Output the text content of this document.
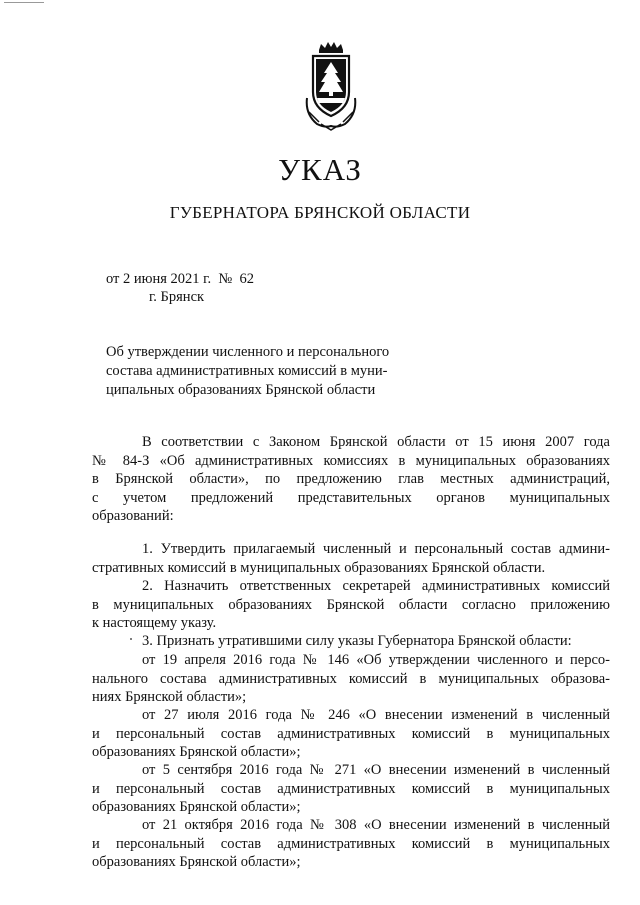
УКАЗ
ГУБЕРНАТОРА БРЯНСКОЙ ОБЛАСТИ
от 2 июня 2021 г.  №  62
г. Брянск
Об утверждении численного и персонального
состава административных комиссий в муни-
ципальных образованиях Брянской области
В соответствии с Законом Брянской области от 15 июня 2007 года
№ 84-З «Об административных комиссиях в муниципальных образованиях
в Брянской области», по предложению глав местных администраций,
с учетом предложений представительных органов муниципальных
образований:
1. Утвердить прилагаемый численный и персональный состав админи-
стративных комиссий в муниципальных образованиях Брянской области.
2. Назначить ответственных секретарей административных комиссий
в муниципальных образованиях Брянской области согласно приложению
к настоящему указу.
3. Признать утратившими силу указы Губернатора Брянской области:
от 19 апреля 2016 года № 146 «Об утверждении численного и персо-
нального состава административных комиссий в муниципальных образова-
ниях Брянской области»;
от 27 июля 2016 года № 246 «О внесении изменений в численный
и персональный состав административных комиссий в муниципальных
образованиях Брянской области»;
от 5 сентября 2016 года № 271 «О внесении изменений в численный
и персональный состав административных комиссий в муниципальных
образованиях Брянской области»;
от 21 октября 2016 года № 308 «О внесении изменений в численный
и персональный состав административных комиссий в муниципальных
образованиях Брянской области»;
